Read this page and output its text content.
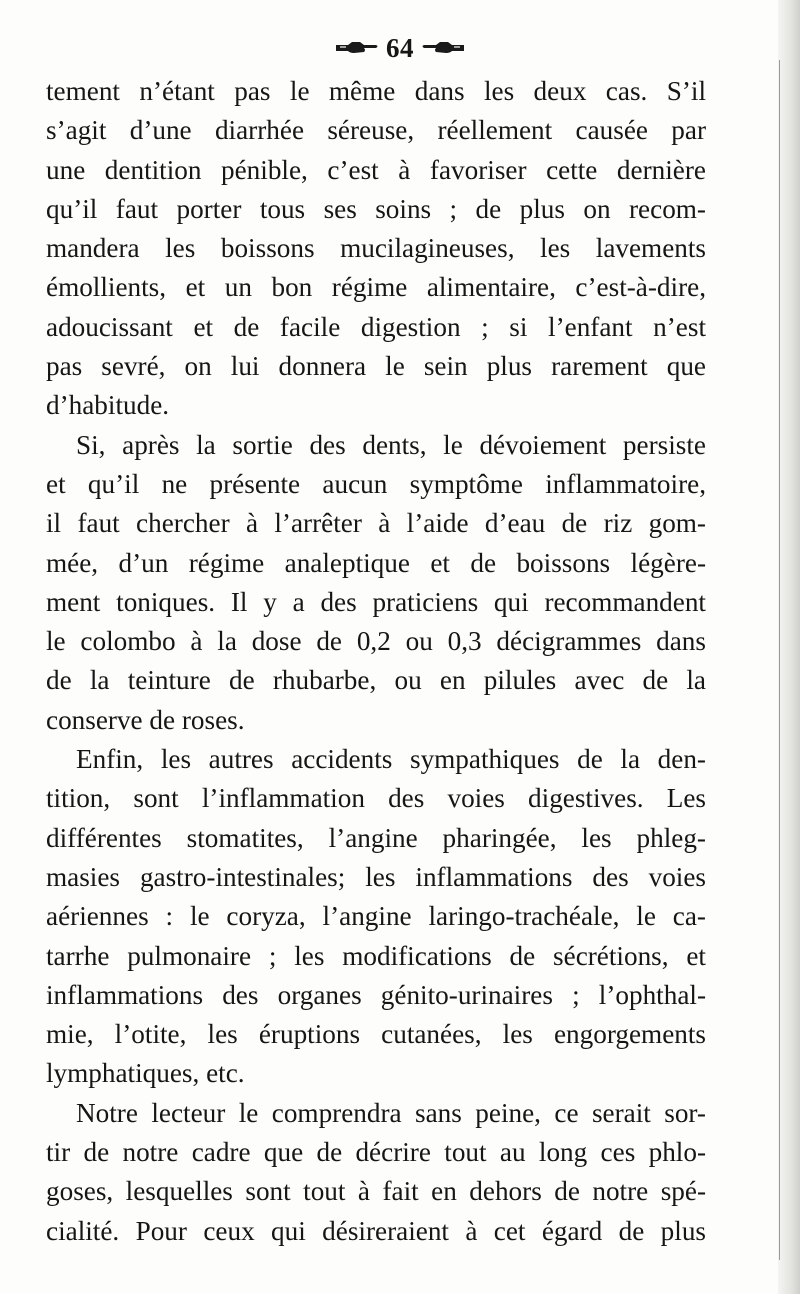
64
tement n’étant pas le même dans les deux cas. S’il
s’agit d’une diarrhée séreuse, réellement causée par
une dentition pénible, c’est à favoriser cette dernière
qu’il faut porter tous ses soins ; de plus on recom-
mandera les boissons mucilagineuses, les lavements
émollients, et un bon régime alimentaire, c’est-à-dire,
adoucissant et de facile digestion ; si l’enfant n’est
pas sevré, on lui donnera le sein plus rarement que
d’habitude.
Si, après la sortie des dents, le dévoiement persiste
et qu’il ne présente aucun symptôme inflammatoire,
il faut chercher à l’arrêter à l’aide d’eau de riz gom-
mée, d’un régime analeptique et de boissons légère-
ment toniques. Il y a des praticiens qui recommandent
le colombo à la dose de 0,2 ou 0,3 décigrammes dans
de la teinture de rhubarbe, ou en pilules avec de la
conserve de roses.
Enfin, les autres accidents sympathiques de la den-
tition, sont l’inflammation des voies digestives. Les
différentes stomatites, l’angine pharingée, les phleg-
masies gastro-intestinales; les inflammations des voies
aériennes : le coryza, l’angine laringo-trachéale, le ca-
tarrhe pulmonaire ; les modifications de sécrétions, et
inflammations des organes génito-urinaires ; l’ophthal-
mie, l’otite, les éruptions cutanées, les engorgements
lymphatiques, etc.
Notre lecteur le comprendra sans peine, ce serait sor-
tir de notre cadre que de décrire tout au long ces phlo-
goses, lesquelles sont tout à fait en dehors de notre spé-
cialité. Pour ceux qui désireraient à cet égard de plus
